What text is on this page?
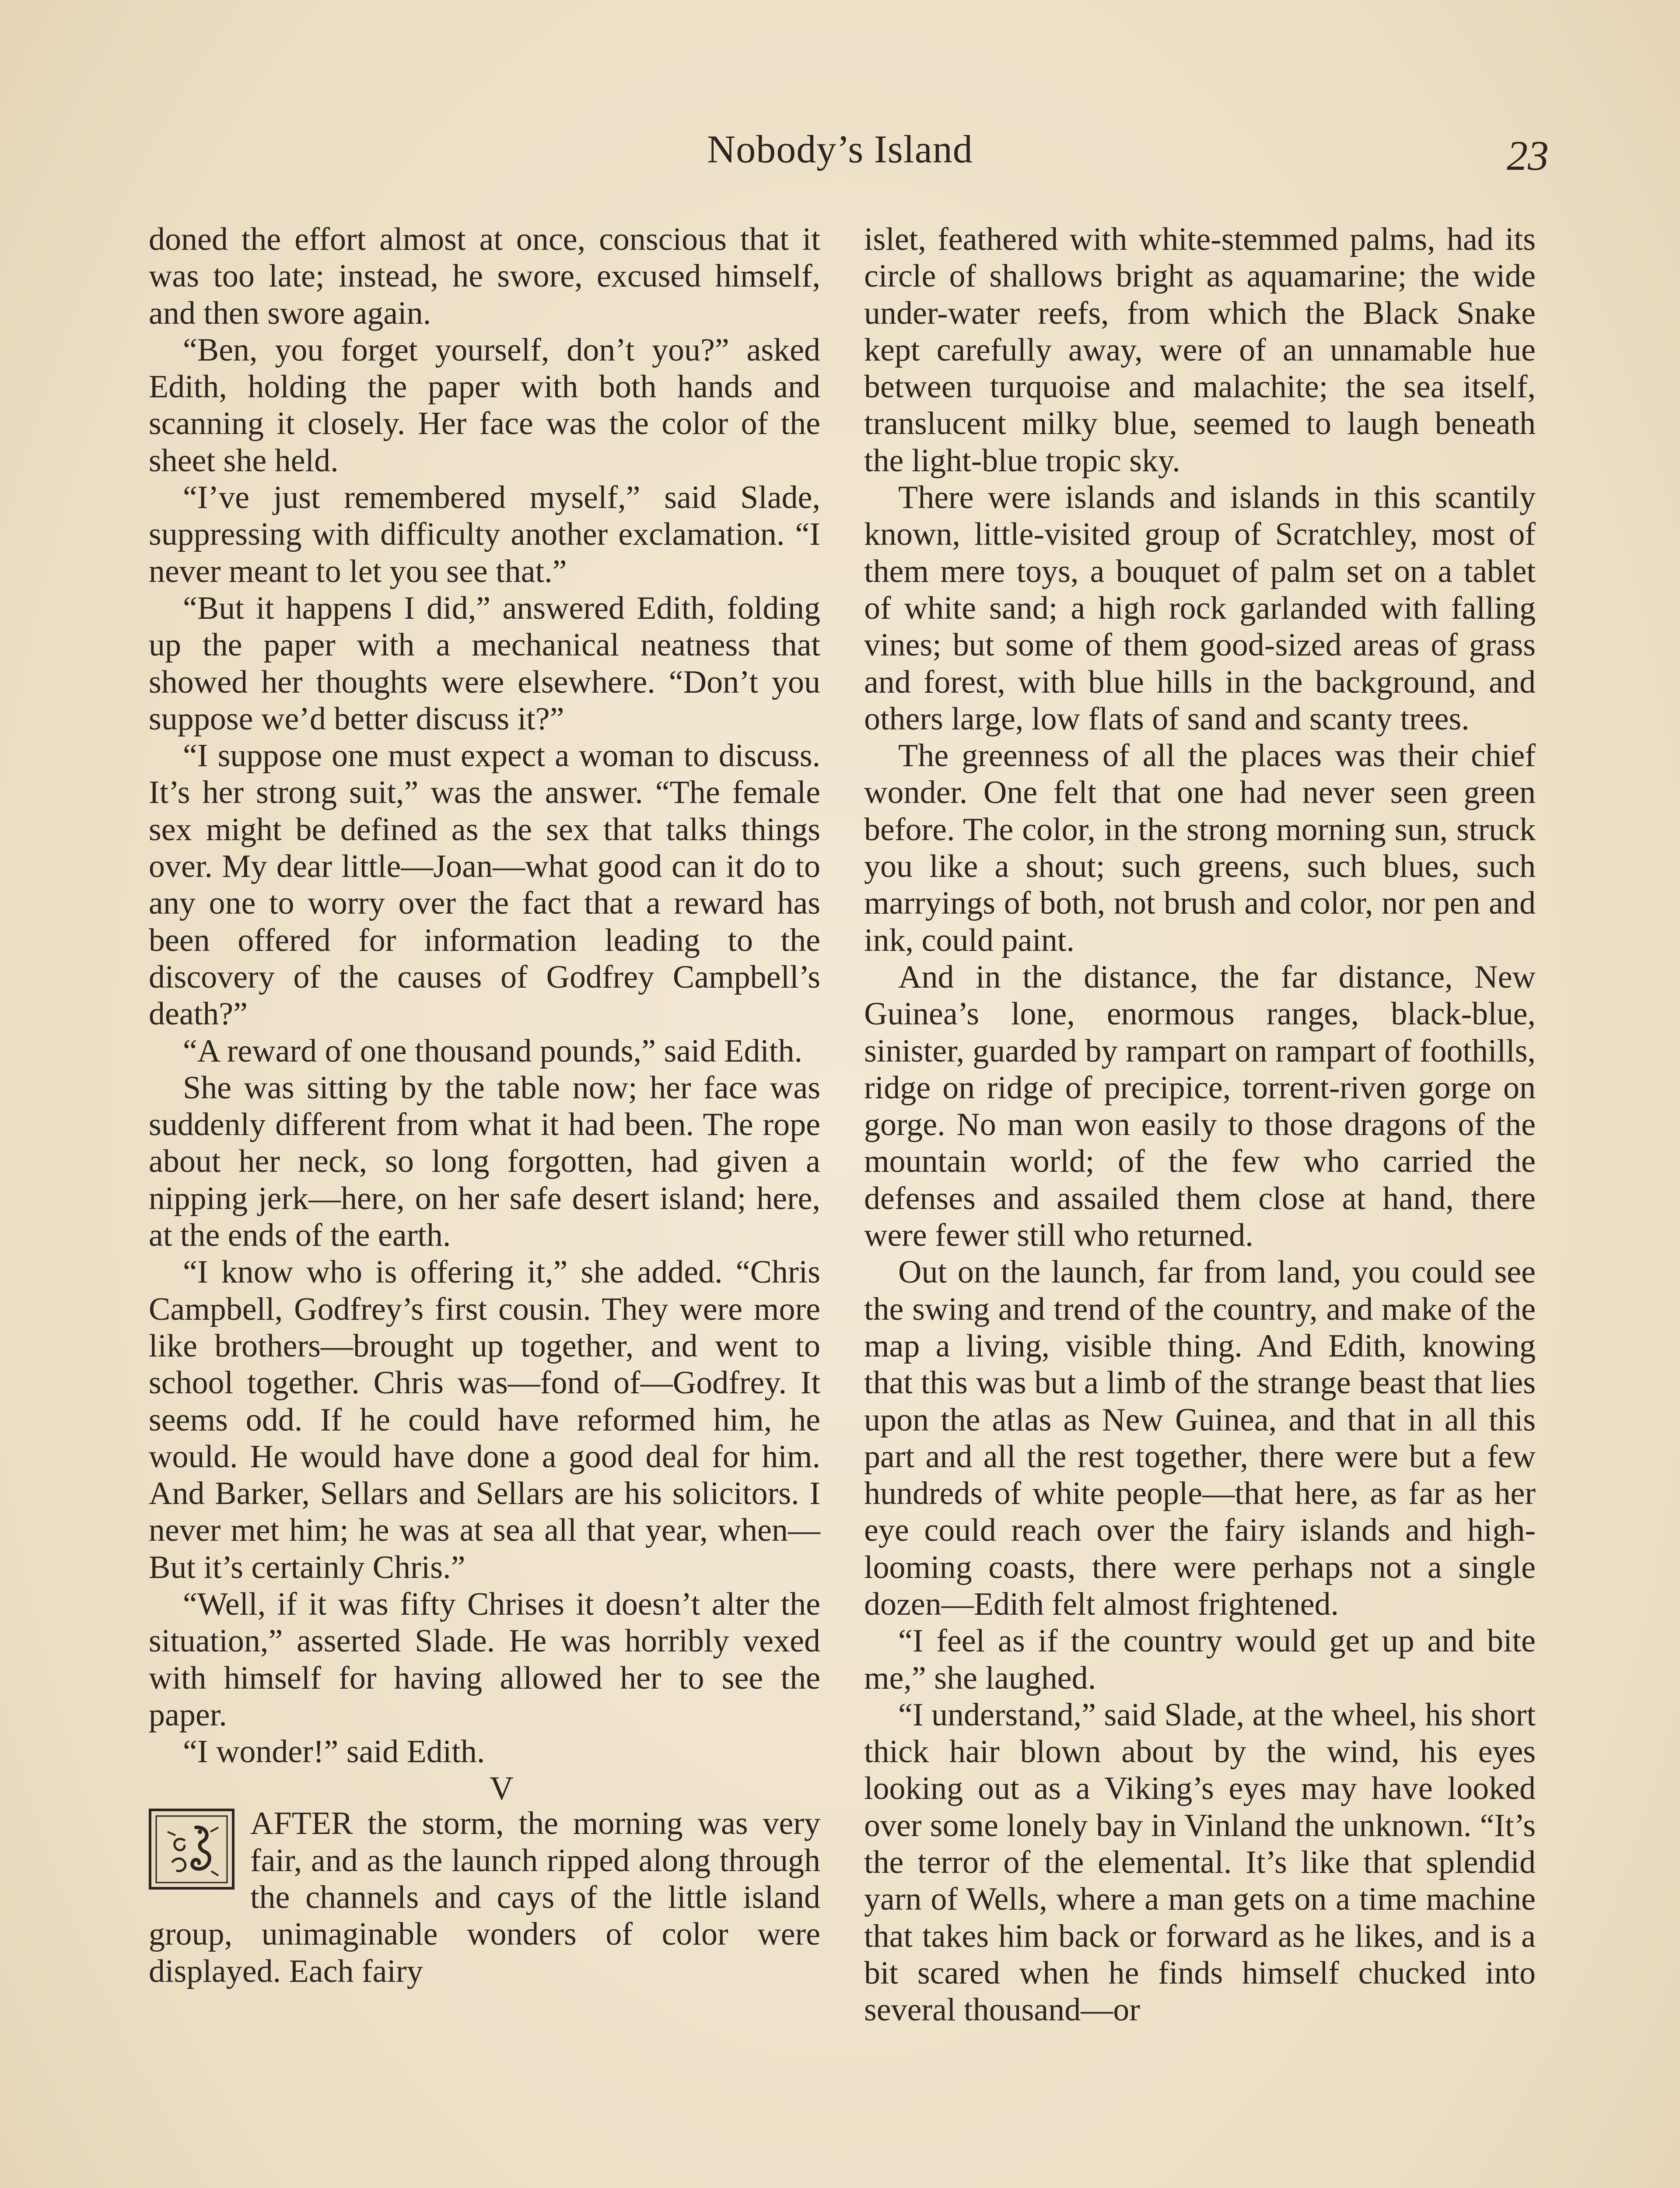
Nobody’s Island	23

doned the effort almost at once, conscious that it was too late; instead, he swore, excused himself, and then swore again.

“Ben, you forget yourself, don’t you?” asked Edith, holding the paper with both hands and scanning it closely. Her face was the color of the sheet she held.

“I’ve just remembered myself,” said Slade, suppressing with difficulty another exclamation. “I never meant to let you see that.”

“But it happens I did,” answered Edith, folding up the paper with a mechanical neatness that showed her thoughts were elsewhere. “Don’t you suppose we’d better discuss it?”

“I suppose one must expect a woman to discuss. It’s her strong suit,” was the answer. “The female sex might be defined as the sex that talks things over. My dear little—Joan—what good can it do to any one to worry over the fact that a reward has been offered for information leading to the discovery of the causes of Godfrey Campbell’s death?”

“A reward of one thousand pounds,” said Edith.

She was sitting by the table now; her face was suddenly different from what it had been. The rope about her neck, so long forgotten, had given a nipping jerk—here, on her safe desert island; here, at the ends of the earth.

“I know who is offering it,” she added. “Chris Campbell, Godfrey’s first cousin. They were more like brothers—brought up together, and went to school together. Chris was—fond of—Godfrey. It seems odd. If he could have reformed him, he would. He would have done a good deal for him. And Barker, Sellars and Sellars are his solicitors. I never met him; he was at sea all that year, when— But it’s certainly Chris.”

“Well, if it was fifty Chrises it doesn’t alter the situation,” asserted Slade. He was horribly vexed with himself for having allowed her to see the paper.

“I wonder!” said Edith.

V

AFTER the storm, the morning was very fair, and as the launch ripped along through the channels and cays of the little island group, unimaginable wonders of color were displayed. Each fairy

islet, feathered with white-stemmed palms, had its circle of shallows bright as aquamarine; the wide under-water reefs, from which the Black Snake kept carefully away, were of an unnamable hue between turquoise and malachite; the sea itself, translucent milky blue, seemed to laugh beneath the light-blue tropic sky.

There were islands and islands in this scantily known, little-visited group of Scratchley, most of them mere toys, a bouquet of palm set on a tablet of white sand; a high rock garlanded with falling vines; but some of them good-sized areas of grass and forest, with blue hills in the background, and others large, low flats of sand and scanty trees.

The greenness of all the places was their chief wonder. One felt that one had never seen green before. The color, in the strong morning sun, struck you like a shout; such greens, such blues, such marryings of both, not brush and color, nor pen and ink, could paint.

And in the distance, the far distance, New Guinea’s lone, enormous ranges, black-blue, sinister, guarded by rampart on rampart of foothills, ridge on ridge of precipice, torrent-riven gorge on gorge. No man won easily to those dragons of the mountain world; of the few who carried the defenses and assailed them close at hand, there were fewer still who returned.

Out on the launch, far from land, you could see the swing and trend of the country, and make of the map a living, visible thing. And Edith, knowing that this was but a limb of the strange beast that lies upon the atlas as New Guinea, and that in all this part and all the rest together, there were but a few hundreds of white people—that here, as far as her eye could reach over the fairy islands and high-looming coasts, there were perhaps not a single dozen—Edith felt almost frightened.

“I feel as if the country would get up and bite me,” she laughed.

“I understand,” said Slade, at the wheel, his short thick hair blown about by the wind, his eyes looking out as a Viking’s eyes may have looked over some lonely bay in Vinland the unknown. “It’s the terror of the elemental. It’s like that splendid yarn of Wells, where a man gets on a time machine that takes him back or forward as he likes, and is a bit scared when he finds himself chucked into several thousand—or
